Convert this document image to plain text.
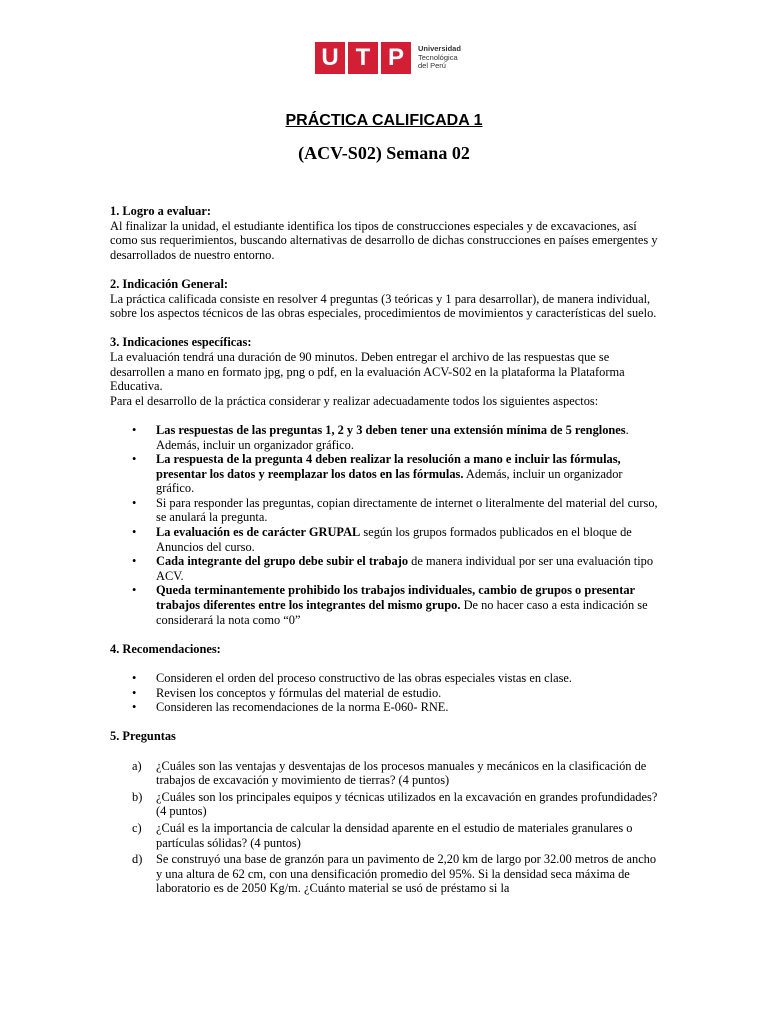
U T P	Universidad
Tecnológica
del Perú
PRÁCTICA CALIFICADA 1
(ACV-S02) Semana 02
1. Logro a evaluar:
Al finalizar la unidad, el estudiante identifica los tipos de construcciones especiales y de excavaciones, así como sus requerimientos, buscando alternativas de desarrollo de dichas construcciones en países emergentes y desarrollados de nuestro entorno.
2. Indicación General:
La práctica calificada consiste en resolver 4 preguntas (3 teóricas y 1 para desarrollar), de manera individual, sobre los aspectos técnicos de las obras especiales, procedimientos de movimientos y características del suelo.
3. Indicaciones específicas:
La evaluación tendrá una duración de 90 minutos. Deben entregar el archivo de las respuestas que se desarrollen a mano en formato jpg, png o pdf, en la evaluación ACV-S02 en la plataforma la Plataforma Educativa.
Para el desarrollo de la práctica considerar y realizar adecuadamente todos los siguientes aspectos:
• Las respuestas de las preguntas 1, 2 y 3 deben tener una extensión mínima de 5 renglones. Además, incluir un organizador gráfico.
• La respuesta de la pregunta 4 deben realizar la resolución a mano e incluir las fórmulas, presentar los datos y reemplazar los datos en las fórmulas. Además, incluir un organizador gráfico.
• Si para responder las preguntas, copian directamente de internet o literalmente del material del curso, se anulará la pregunta.
• La evaluación es de carácter GRUPAL según los grupos formados publicados en el bloque de Anuncios del curso.
• Cada integrante del grupo debe subir el trabajo de manera individual por ser una evaluación tipo ACV.
• Queda terminantemente prohibido los trabajos individuales, cambio de grupos o presentar trabajos diferentes entre los integrantes del mismo grupo. De no hacer caso a esta indicación se considerará la nota como “0”
4. Recomendaciones:
• Consideren el orden del proceso constructivo de las obras especiales vistas en clase.
• Revisen los conceptos y fórmulas del material de estudio.
• Consideren las recomendaciones de la norma E-060- RNE.
5. Preguntas
a) ¿Cuáles son las ventajas y desventajas de los procesos manuales y mecánicos en la clasificación de trabajos de excavación y movimiento de tierras? (4 puntos)
b) ¿Cuáles son los principales equipos y técnicas utilizados en la excavación en grandes profundidades? (4 puntos)
c) ¿Cuál es la importancia de calcular la densidad aparente en el estudio de materiales granulares o partículas sólidas? (4 puntos)
d) Se construyó una base de granzón para un pavimento de 2,20 km de largo por 32.00 metros de ancho y una altura de 62 cm, con una densificación promedio del 95%. Si la densidad seca máxima de laboratorio es de 2050 Kg/m. ¿Cuánto material se usó de préstamo si la
